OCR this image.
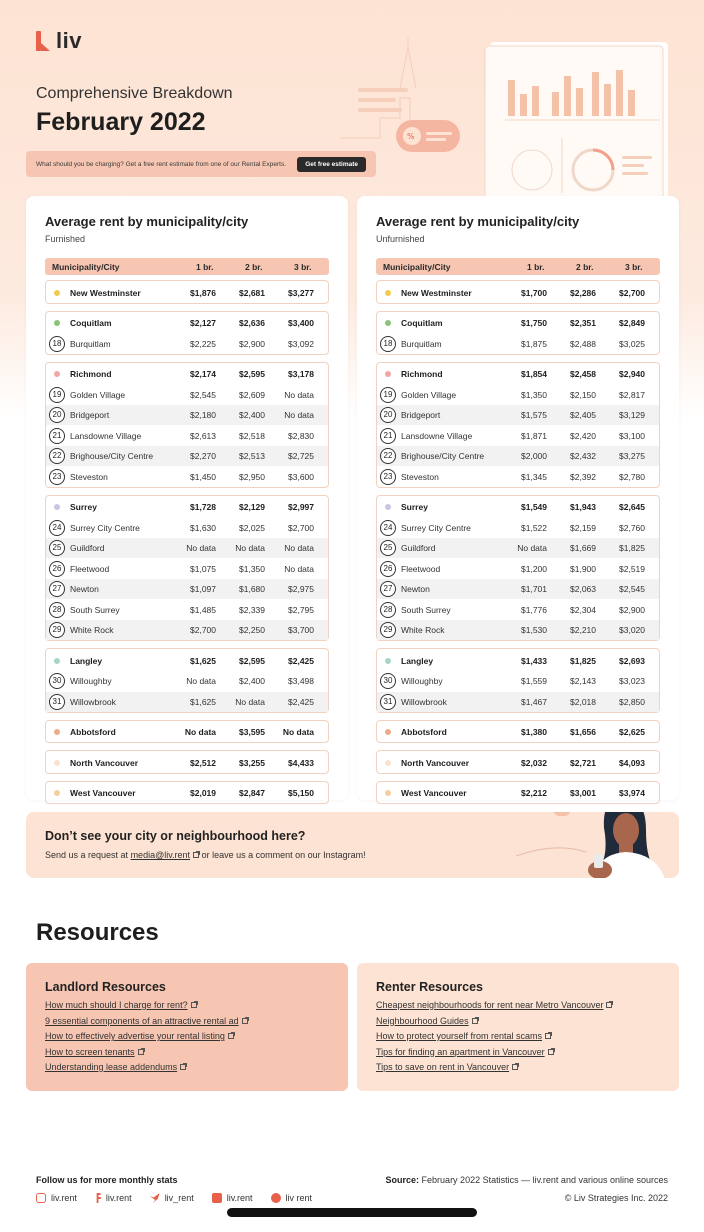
liv
%
Comprehensive Breakdown
February 2022
What should you be charging? Get a free rent estimate from one of our Rental Experts.	Get free estimate
Average rent by municipality/city
Furnished
Municipality/City	1 br.	2 br.	3 br.
New Westminster	$1,876	$2,681	$3,277
Coquitlam	$2,127	$2,636	$3,400
18	Burquitlam	$2,225	$2,900	$3,092
Richmond	$2,174	$2,595	$3,178
19	Golden Village	$2,545	$2,609	No data
20	Bridgeport	$2,180	$2,400	No data
21	Lansdowne Village	$2,613	$2,518	$2,830
22	Brighouse/City Centre	$2,270	$2,513	$2,725
23	Steveston	$1,450	$2,950	$3,600
Surrey	$1,728	$2,129	$2,997
24	Surrey City Centre	$1,630	$2,025	$2,700
25	Guildford	No data	No data	No data
26	Fleetwood	$1,075	$1,350	No data
27	Newton	$1,097	$1,680	$2,975
28	South Surrey	$1,485	$2,339	$2,795
29	White Rock	$2,700	$2,250	$3,700
Langley	$1,625	$2,595	$2,425
30	Willoughby	No data	$2,400	$3,498
31	Willowbrook	$1,625	No data	$2,425
Abbotsford	No data	$3,595	No data
North Vancouver	$2,512	$3,255	$4,433
West Vancouver	$2,019	$2,847	$5,150
Average rent by municipality/city
Unfurnished
Municipality/City	1 br.	2 br.	3 br.
New Westminster	$1,700	$2,286	$2,700
Coquitlam	$1,750	$2,351	$2,849
18	Burquitlam	$1,875	$2,488	$3,025
Richmond	$1,854	$2,458	$2,940
19	Golden Village	$1,350	$2,150	$2,817
20	Bridgeport	$1,575	$2,405	$3,129
21	Lansdowne Village	$1,871	$2,420	$3,100
22	Brighouse/City Centre	$2,000	$2,432	$3,275
23	Steveston	$1,345	$2,392	$2,780
Surrey	$1,549	$1,943	$2,645
24	Surrey City Centre	$1,522	$2,159	$2,760
25	Guildford	No data	$1,669	$1,825
26	Fleetwood	$1,200	$1,900	$2,519
27	Newton	$1,701	$2,063	$2,545
28	South Surrey	$1,776	$2,304	$2,900
29	White Rock	$1,530	$2,210	$3,020
Langley	$1,433	$1,825	$2,693
30	Willoughby	$1,559	$2,143	$3,023
31	Willowbrook	$1,467	$2,018	$2,850
Abbotsford	$1,380	$1,656	$2,625
North Vancouver	$2,032	$2,721	$4,093
West Vancouver	$2,212	$3,001	$3,974
Don’t see your city or neighbourhood here?
Send us a request at media@liv.rent or leave us a comment on our Instagram!
Resources
Landlord Resources
How much should I charge for rent?
9 essential components of an attractive rental ad
How to effectively advertise your rental listing
How to screen tenants
Understanding lease addendums
Renter Resources
Cheapest neighbourhoods for rent near Metro Vancouver
Neighbourhood Guides
How to protect yourself from rental scams
Tips for finding an apartment in Vancouver
Tips to save on rent in Vancouver
Follow us for more monthly stats
liv.rent	liv.rent	liv_rent	liv.rent	liv rent
Source: February 2022 Statistics — liv.rent and various online sources
© Liv Strategies Inc. 2022
